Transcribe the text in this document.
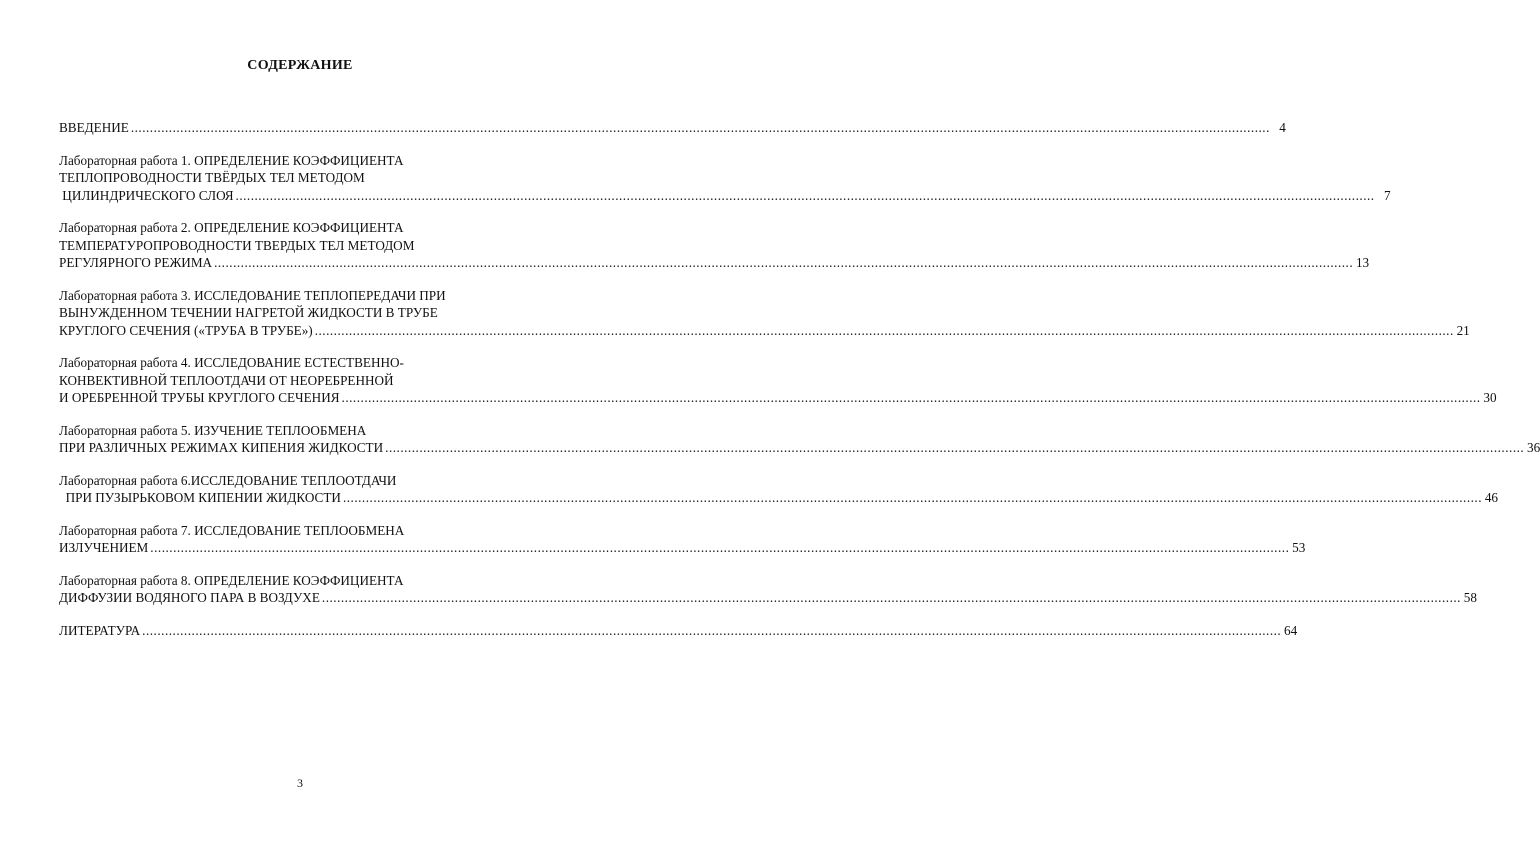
СОДЕРЖАНИЕ
ВВЕДЕНИЕ ............................................................................................................................................................................................................................................................................................................ 4
Лабораторная работа 1. ОПРЕДЕЛЕНИЕ КОЭФФИЦИЕНТА
ТЕПЛОПРОВОДНОСТИ ТВЁРДЫХ ТЕЛ МЕТОДОМ
ЦИЛИНДРИЧЕСКОГО СЛОЯ ............................................................................................................................................................................................................................................................................................................ 7
Лабораторная работа 2. ОПРЕДЕЛЕНИЕ КОЭФФИЦИЕНТА
ТЕМПЕРАТУРОПРОВОДНОСТИ ТВЕРДЫХ ТЕЛ МЕТОДОМ
РЕГУЛЯРНОГО РЕЖИМА ............................................................................................................................................................................................................................................................................................................ 13
Лабораторная работа 3. ИССЛЕДОВАНИЕ ТЕПЛОПЕРЕДАЧИ ПРИ
ВЫНУЖДЕННОМ ТЕЧЕНИИ НАГРЕТОЙ ЖИДКОСТИ В ТРУБЕ
КРУГЛОГО СЕЧЕНИЯ («ТРУБА В ТРУБЕ») ............................................................................................................................................................................................................................................................................................................ 21
Лабораторная работа 4. ИССЛЕДОВАНИЕ ЕСТЕСТВЕННО-
КОНВЕКТИВНОЙ ТЕПЛООТДАЧИ ОТ НЕОРЕБРЕННОЙ
И ОРЕБРЕННОЙ ТРУБЫ КРУГЛОГО СЕЧЕНИЯ ............................................................................................................................................................................................................................................................................................................ 30
Лабораторная работа 5. ИЗУЧЕНИЕ ТЕПЛООБМЕНА
ПРИ РАЗЛИЧНЫХ РЕЖИМАХ КИПЕНИЯ ЖИДКОСТИ ............................................................................................................................................................................................................................................................................................................ 36
Лабораторная работа 6.ИССЛЕДОВАНИЕ ТЕПЛООТДАЧИ
ПРИ ПУЗЫРЬКОВОМ КИПЕНИИ ЖИДКОСТИ ............................................................................................................................................................................................................................................................................................................ 46
Лабораторная работа 7. ИССЛЕДОВАНИЕ ТЕПЛООБМЕНА
ИЗЛУЧЕНИЕМ ............................................................................................................................................................................................................................................................................................................ 53
Лабораторная работа 8. ОПРЕДЕЛЕНИЕ КОЭФФИЦИЕНТА
ДИФФУЗИИ ВОДЯНОГО ПАРА В ВОЗДУХЕ ............................................................................................................................................................................................................................................................................................................ 58
ЛИТЕРАТУРА ............................................................................................................................................................................................................................................................................................................ 64
3
